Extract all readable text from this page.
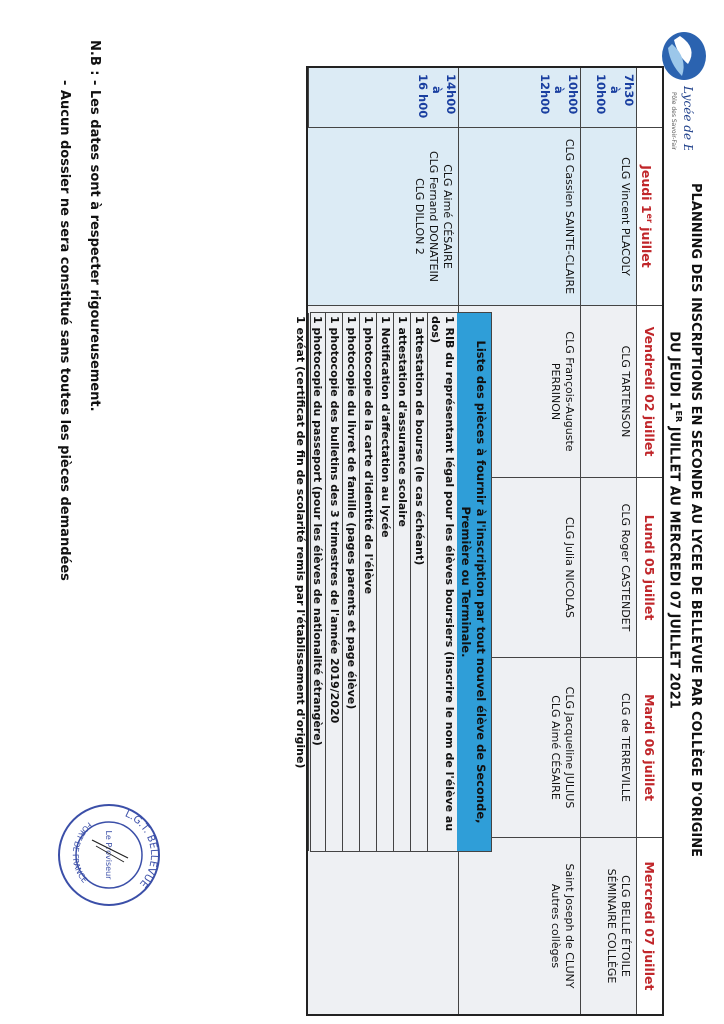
Lycée de Bellevue
Pôle des Savoir-Faire
PLANNING DES INSCRIPTIONS EN SECONDE AU LYCEE DE BELLEVUE PAR COLLÈGE D'ORIGINE
DU JEUDI 1ER JUILLET AU MERCREDI 07 JUILLET 2021
Jeudi 1er juillet
Vendredi 02 juillet
Lundi 05 juillet
Mardi 06 juillet
Mercredi 07 juillet
7h30
à
10h00
10h00
à
12h00
14h00
à
16 h00
CLG Vincent PLACOLY
CLG TARTENSON
CLG Roger CASTENDET
CLG de TERREVILLE
CLG BELLE ÉTOILE
SÉMINAIRE COLLÈGE
CLG Cassien SAINTE-CLAIRE
CLG François-Auguste PERRINON
CLG Julia NICOLAS
CLG Jacqueline JULIUS
CLG Aimé CÉSAIRE
Saint Joseph de CLUNY
Autres collèges
CLG Aimé CÉSAIRE
CLG Fernand DONATEIN
CLG DILLON 2
Liste des pièces à fournir à l'inscription par tout nouvel élève de Seconde, Première ou Terminale.
1 RIB du représentant légal pour les élèves boursiers (inscrire le nom de l'élève au dos)
1 attestation de bourse (le cas échéant)
1 attestation d'assurance scolaire
1 Notification d'affectation au lycée
1 photocopie de la carte d'identité de l'élève
1 photocopie du livret de famille (pages parents et page élève)
1 photocopie des bulletins des 3 trimestres de l'année 2019/2020
1 photocopie du passeport (pour les élèves de nationalité étrangère)
1 exéat (certificat de fin de scolarité remis par l'établissement d'origine)
N.B : - Les dates sont à respecter rigoureusement.
- Aucun dossier ne sera constitué sans toutes les pièces demandées
L.G.T. BELLEVUE
FORT DE FRANCE
Le Proviseur
